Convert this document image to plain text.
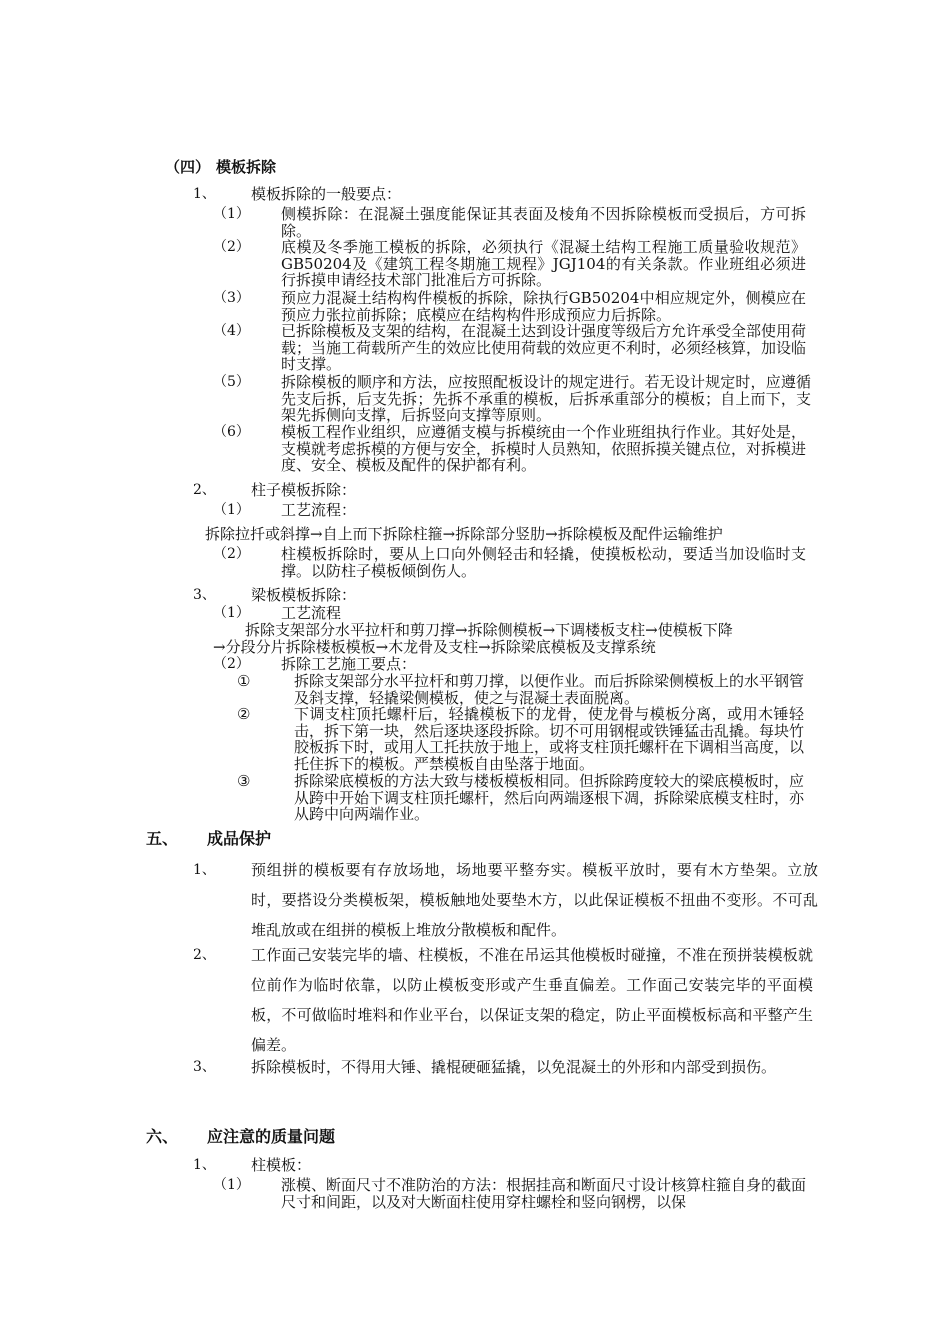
（四） 模板拆除
1、 模板拆除的一般要点：
（1） 侧模拆除：在混凝土强度能保证其表面及棱角不因拆除模板而受损后，方可拆除。
（2） 底模及冬季施工模板的拆除，必须执行《混凝土结构工程施工质量验收规范》GB50204及《建筑工程冬期施工规程》JGJ104的有关条款。作业班组必须进行拆摸申请经技术部门批准后方可拆除。
（3） 预应力混凝土结构构件模板的拆除，除执行GB50204中相应规定外，侧模应在预应力张拉前拆除；底模应在结构构件形成预应力后拆除。
（4） 已拆除模板及支架的结构，在混凝土达到设计强度等级后方允许承受全部使用荷载；当施工荷载所产生的效应比使用荷载的效应更不利时，必须经核算，加设临时支撑。
（5） 拆除模板的顺序和方法，应按照配板设计的规定进行。若无设计规定时，应遵循先支后拆，后支先拆；先拆不承重的模板，后拆承重部分的模板；自上而下，支架先拆侧向支撑，后拆竖向支撑等原则。
（6） 模板工程作业组织，应遵循支模与拆模统由一个作业班组执行作业。其好处是，支模就考虑拆模的方便与安全，拆模时人员熟知，依照拆摸关键点位，对拆模进度、安全、模板及配件的保护都有利。
2、 柱子模板拆除：
（1） 工艺流程：
拆除拉扦或斜撑→自上而下拆除柱箍→拆除部分竖肋→拆除模板及配件运输维护
（2） 柱模板拆除时，要从上口向外侧轻击和轻撬，使摸板松动，要适当加设临时支撑。以防柱子模板倾倒伤人。
3、 梁板模板拆除：
（1） 工艺流程
拆除支架部分水平拉杆和剪刀撑→拆除侧模板→下调楼板支柱→使模板下降
→分段分片拆除楼板模板→木龙骨及支柱→拆除梁底模板及支撑系统
（2） 拆除工艺施工要点：
①	拆除支架部分水平拉杆和剪刀撑，以便作业。而后拆除梁侧模板上的水平钢管及斜支撑，轻撬梁侧模板，使之与混凝土表面脱离。
②	下调支柱顶托螺杆后，轻撬模板下的龙骨，使龙骨与模板分离，或用木锤轻击，拆下第一块，然后逐块逐段拆除。切不可用钢棍或铁锤猛击乱撬。每块竹胶板拆下时，或用人工托扶放于地上，或将支柱顶托螺杆在下调相当高度，以托住拆下的模板。严禁模板自由坠落于地面。
③	拆除梁底模板的方法大致与楼板模板相同。但拆除跨度较大的梁底模板时，应从跨中开始下调支柱顶托螺杆，然后向两端逐根下凋，拆除梁底模支柱时，亦从跨中向两端作业。
五、 成品保护
1、 预组拼的模板要有存放场地，场地要平整夯实。模板平放时，要有木方垫架。立放时，要搭设分类模板架，模板触地处要垫木方，以此保证模板不扭曲不变形。不可乱堆乱放或在组拼的模板上堆放分散模板和配件。
2、 工作面己安装完毕的墙、柱模板，不准在吊运其他模板时碰撞，不准在预拼装模板就位前作为临时依靠，以防止模板变形或产生垂直偏差。工作面己安装完毕的平面模板，不可做临时堆料和作业平台，以保证支架的稳定，防止平面模板标高和平整产生偏差。
3、 拆除模板时，不得用大锤、撬棍硬砸猛撬，以免混凝土的外形和内部受到损伤。
六、 应注意的质量问题
1、 柱模板：
（1） 涨模、断面尺寸不准防治的方法：根据挂高和断面尺寸设计核算柱箍自身的截面尺寸和间距，以及对大断面柱使用穿柱螺栓和竖向钢楞，以保
